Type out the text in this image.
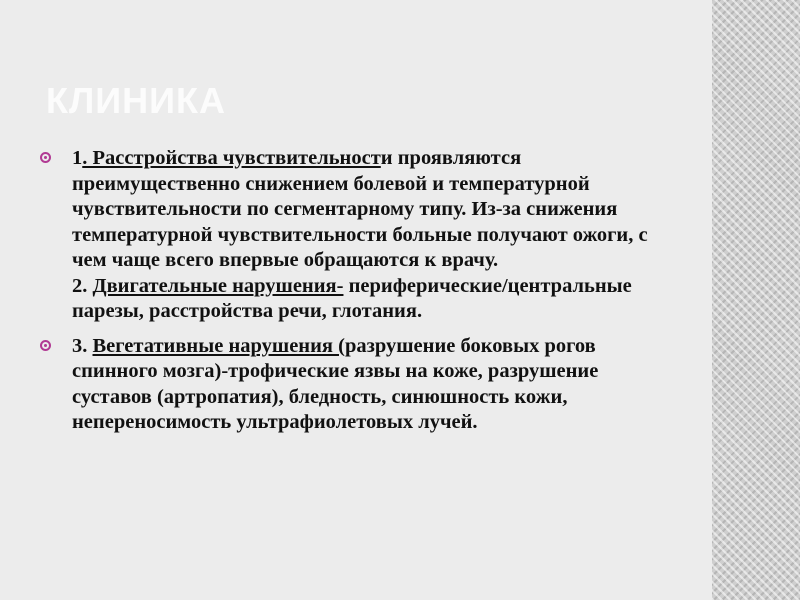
КЛИНИКА
1. Расстройства чувствительности проявляются преимущественно снижением болевой и температурной чувствительности по сегментарному типу. Из-за снижения температурной чувствительности больные получают ожоги, с чем чаще всего впервые обращаются к врачу.
2. Двигательные нарушения- периферические/центральные парезы, расстройства речи, глотания.
3. Вегетативные нарушения (разрушение боковых рогов спинного мозга)-трофические язвы на коже, разрушение суставов (артропатия), бледность, синюшность кожи, непереносимость ультрафиолетовых лучей.
